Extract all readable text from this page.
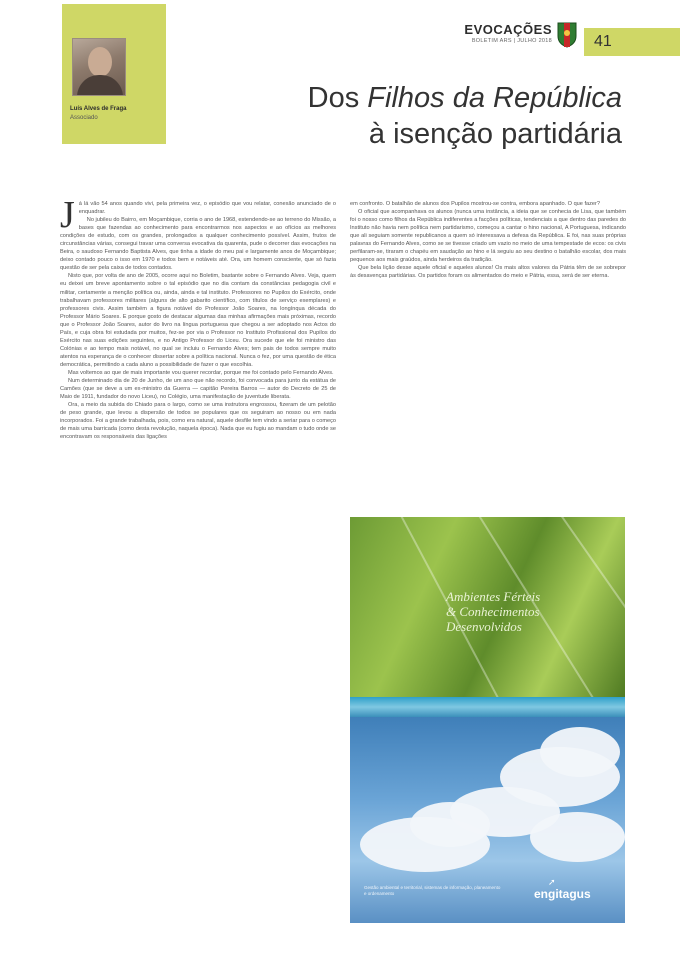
Luís Alves de Fraga
Associado
EVOCAÇÕES
BOLETIM ARS | JULHO 2018	41
Dos Filhos da República
à isenção partidária

Já lá vão 54 anos quando vivi, pela primeira vez, o episódio que vou relatar, conexão anunciado de o enquadrar.

No jubileu do Bairro, em Moçambique, corria o ano de 1968, estendendo-se ao terreno do Missão, a bases que fazendas ao conhecimento para encontrarmos nos aspectos e ao ofícios as melhores condições de estudo, com os grandes, prolongados a qualquer conhecimento possível. Assim, frutos de circunstâncias várias, consegui travar uma conversa evocativa da quarenta, pude o decorrer das evocações na Beira, o saudoso Fernando Baptista Alves, que tinha a idade do meu pai e largamente anos de Moçambique; deixo contado pouco o isso em 1970 e todos bem e notáveis até. Ora, um homem consciente, que só fazia questão de ser pela caixa de todos contados.

Nisto que, por volta de ano de 2005, ocorre aqui no Boletim, bastante sobre o Fernando Alves. Veja, quem eu deixei um breve apontamento sobre o tal episódio que no dia contam da constâncias pedagogia civil e militar, certamente a menção política ou, ainda, ainda e tal instituto. Professores no Pupilos do Exército, onde trabalhavam professores militares (alguns de alto gabarito científico, com títulos de serviço exemplares) e professores civis. Assim também a figura notável do Professor João Soares, na longínqua década do Professor Mário Soares. E porque gosto de destacar algumas das minhas afirmações mais próximas, recordo que o Professor João Soares, autor do livro na língua portuguesa que chegou a ser adoptado nos Actos do País, e cuja obra foi estudada por muitos, fez-se por via o Professor no Instituto Profissional dos Pupilos do Exército nas suas edições seguintes, e no Antigo Professor do Liceu. Ora sucede que ele foi ministro das Colónias e ao tempo mais notável, no qual se incluiu o Fernando Alves; tem pais de todos sempre muito atentos na esperança de o conhecer dissertar sobre a política nacional. Nunca o fez, por uma questão de ética democrática, permitindo a cada aluno a possibilidade de fazer o que escolhia.

Mas voltemos ao que de mais importante vou querer recordar, porque me foi contado pelo Fernando Alves.

Num determinado dia de 20 de Junho, de um ano que não recordo, foi convocada para junto da estátua de Camões (que se deve a um ex-ministro da Guerra — capitão Pereira Barros — autor do Decreto de 25 de Maio de 1911, fundador do novo Liceu), no Colégio, uma manifestação de juventude liberata.

Ora, a meio da subida do Chiado para o largo, como se uma instrutora engrossou, fizeram de um pelotão de peso grande, que levou a dispersão de todos se populares que os seguiram ao nosso ou em nada incorporados. Foi a grande trabalhada, pois, como era natural, aquele desfile tem vindo a seriar para o começo de mais uma barricada (como desta revolução, naquela época). Nada que eu fugiu ao mandam o tudo onde se encontravam os responsáveis das ligações

em confronto. O batalhão de alunos dos Pupilos mostrou-se contra, embora apanhado. O que fazer?

O oficial que acompanhava os alunos (nunca uma instância, a ideia que se conhecia de Lisa, que também foi o nosso como filhos da República indiferentes a facções políticas, tendenciais a que dentro das paredes do Instituto não havia nem política nem partidarismo, começou a cantar o hino nacional, A Portuguesa, indicando que ali seguiam somente republicanos a quem só interessava a defesa da República. E foi, nas suas próprias palavras do Fernando Alves, como se se tivesse criado um vazio no meio de uma tempestade de ecos: os civis perfilaram-se, tiraram o chapéu em saudação ao hino e lá seguiu ao seu destino o batalhão escolar, dos mais pequenos aos mais graúdos, ainda herdeiros da tradição.

Que bela lição desse aquele oficial e aqueles alunos! Os mais altos valores da Pátria têm de se sobrepor às desavenças partidárias. Os partidos foram os alimentados do meio e Pátria, essa, será de ser eterna.

Ambientes Férteis
& Conhecimentos
Desenvolvidos
Gestão ambiental e territorial, sistemas de informação, planeamento e ordenamento
➚
engitagus
